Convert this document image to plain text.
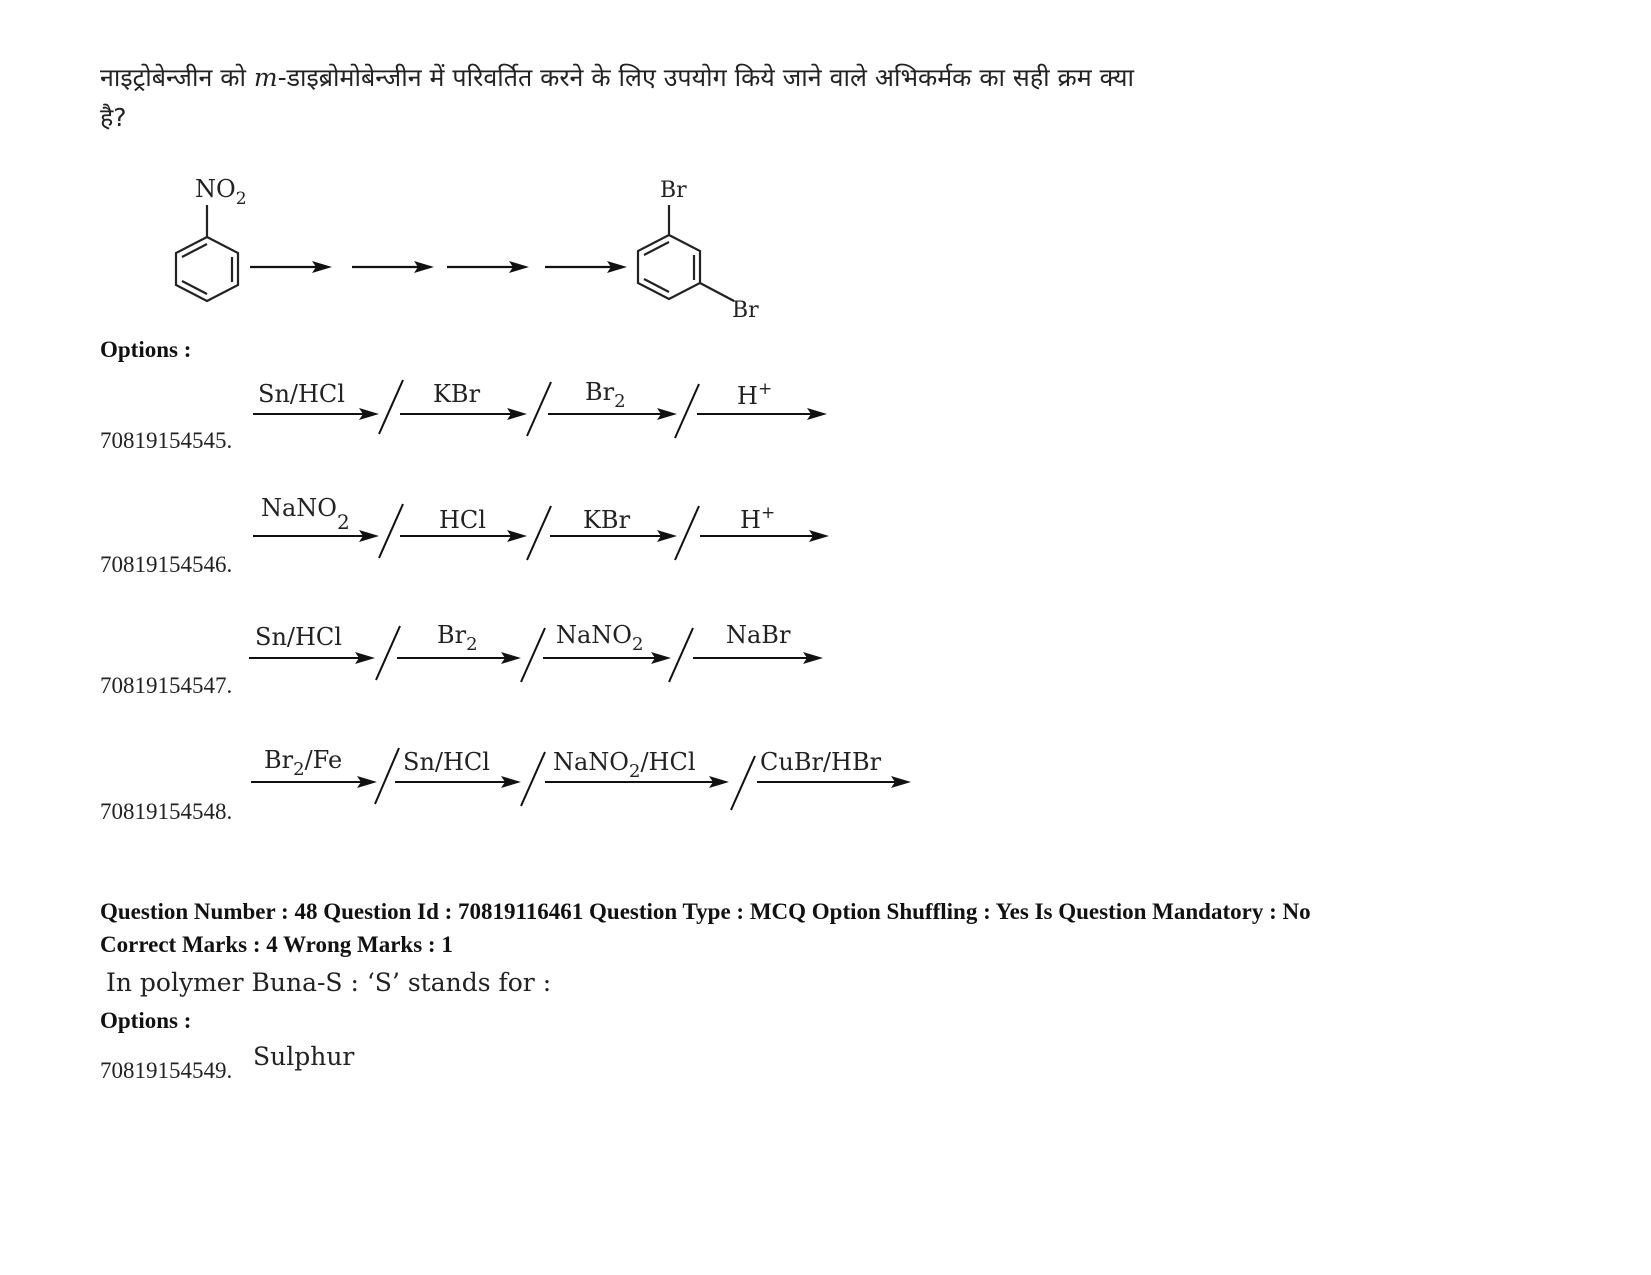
नाइट्रोबेन्जीन को m-डाइब्रोमोबेन्जीन में परिवर्तित करने के लिए उपयोग किये जाने वाले अभिकर्मक का सही क्रम क्या
है?
$NO_2$	Br
Br
Options :
70819154545.
Sn/HCl	KBr	$Br_2$	H+
70819154546.
NaNO$_2$	HCl	KBr	H+
70819154547.
Sn/HCl	$Br_2$	NaNO$_2$	NaBr
70819154548.
$Br_2/Fe$	Sn/HCl	NaNO$_2$/HCl	CuBr/HBr
Question Number : 48 Question Id : 70819116461 Question Type : MCQ Option Shuffling : Yes Is Question Mandatory : No
Correct Marks : 4 Wrong Marks : 1
In polymer Buna-S : ‘S’ stands for :
Options :
70819154549. Sulphur
